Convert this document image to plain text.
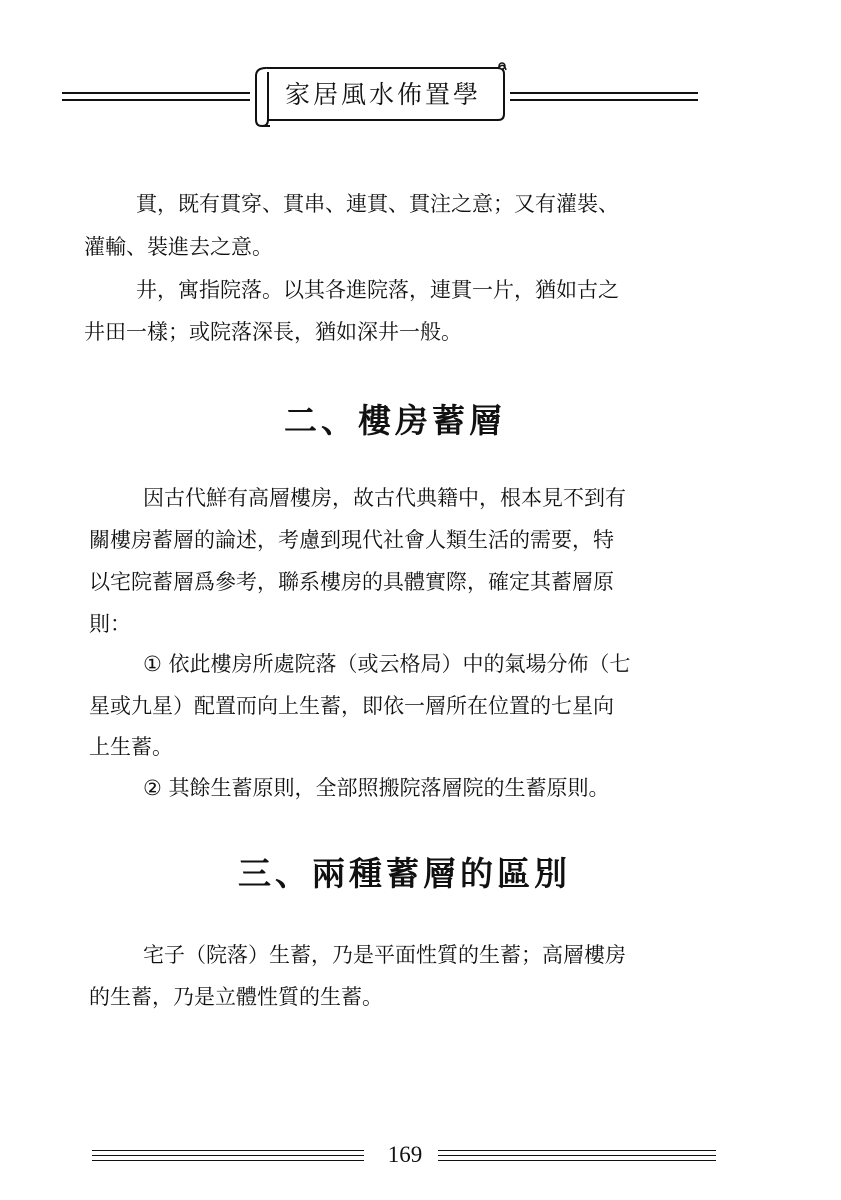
家居風水佈置學
貫，既有貫穿、貫串、連貫、貫注之意；又有灌裝、
灌輸、裝進去之意。
井，寓指院落。以其各進院落，連貫一片，猶如古之
井田一樣；或院落深長，猶如深井一般。
二、樓房蓄層
因古代鮮有高層樓房，故古代典籍中，根本見不到有
關樓房蓄層的論述，考慮到現代社會人類生活的需要，特
以宅院蓄層爲參考，聯系樓房的具體實際，確定其蓄層原
則：
① 依此樓房所處院落（或云格局）中的氣場分佈（七
星或九星）配置而向上生蓄，即依一層所在位置的七星向
上生蓄。
② 其餘生蓄原則，全部照搬院落層院的生蓄原則。
三、兩種蓄層的區別
宅子（院落）生蓄，乃是平面性質的生蓄；高層樓房
的生蓄，乃是立體性質的生蓄。
169
